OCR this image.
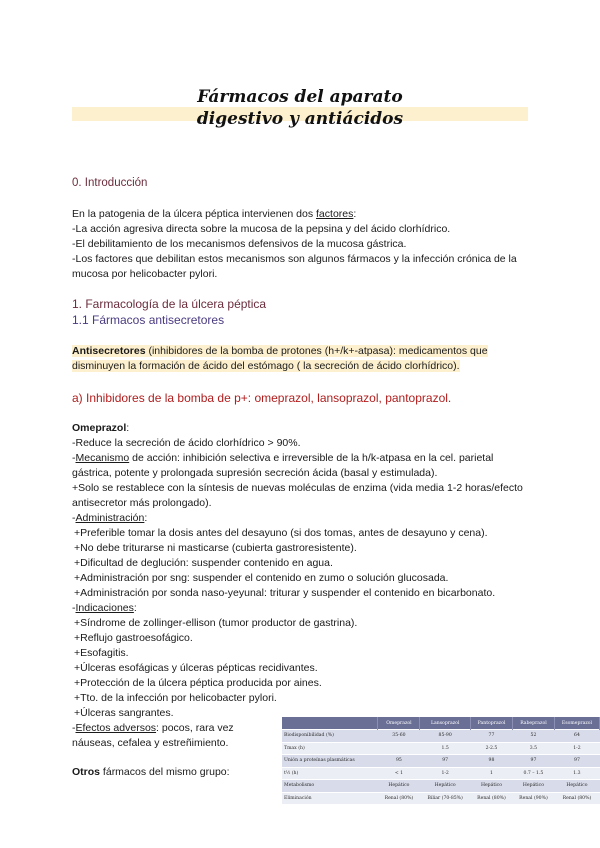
Fármacos del aparato
digestivo y antiácidos
0. Introducción

En la patogenia de la úlcera péptica intervienen dos factores:

-La acción agresiva directa sobre la mucosa de la pepsina y del ácido clorhídrico.

-El debilitamiento de los mecanismos defensivos de la mucosa gástrica.

-Los factores que debilitan estos mecanismos son algunos fármacos y la infección crónica de la mucosa por helicobacter pylori.

1. Farmacología de la úlcera péptica
1.1 Fármacos antisecretores

Antisecretores (inhibidores de la bomba de protones (h+/k+-atpasa): medicamentos que disminuyen la formación de ácido del estómago ( la secreción de ácido clorhídrico).

a) Inhibidores de la bomba de p+: omeprazol, lansoprazol, pantoprazol.

Omeprazol:

-Reduce la secreción de ácido clorhídrico > 90%.

-Mecanismo de acción: inhibición selectiva e irreversible de la h/k-atpasa en la cel. parietal gástrica, potente y prolongada supresión secreción ácida (basal y estimulada).

+Solo se restablece con la síntesis de nuevas moléculas de enzima (vida media 1-2 horas/efecto antisecretor más prolongado).

-Administración:

+Preferible tomar la dosis antes del desayuno (si dos tomas, antes de desayuno y cena).

+No debe triturarse ni masticarse (cubierta gastroresistente).

+Dificultad de deglución: suspender contenido en agua.

+Administración por sng: suspender el contenido en zumo o solución glucosada.

+Administración por sonda naso-yeyunal: triturar y suspender el contenido en bicarbonato.

-Indicaciones:

+Síndrome de zollinger-ellison (tumor productor de gastrina).

+Reflujo gastroesofágico.

+Esofagitis.

+Úlceras esofágicas y úlceras pépticas recidivantes.

+Protección de la úlcera péptica producida por aines.

+Tto. de la infección por helicobacter pylori.

+Úlceras sangrantes.

-Efectos adversos: pocos, rara vez náuseas, cefalea y estreñimiento.

Otros fármacos del mismo grupo:

	Omeprazol	Lansoprazol	Pantoprazol	Rabeprazol	Esomeprazol
Biodisponibilidad (%)	35-60	85-90	77	52	64
Tmax (h)		1.5	2-2.5	3.5	1-2
Unión a proteínas plasmáticas	95	97	98	97	97
t½ (h)	< 1	1-2	1	0.7 – 1.5	1.3
Metabolismo	Hepático	Hepático	Hepático	Hepático	Hepático
Eliminación	Renal (80%)	Biliar (70-85%)	Renal (80%)	Renal (90%)	Renal (80%)
